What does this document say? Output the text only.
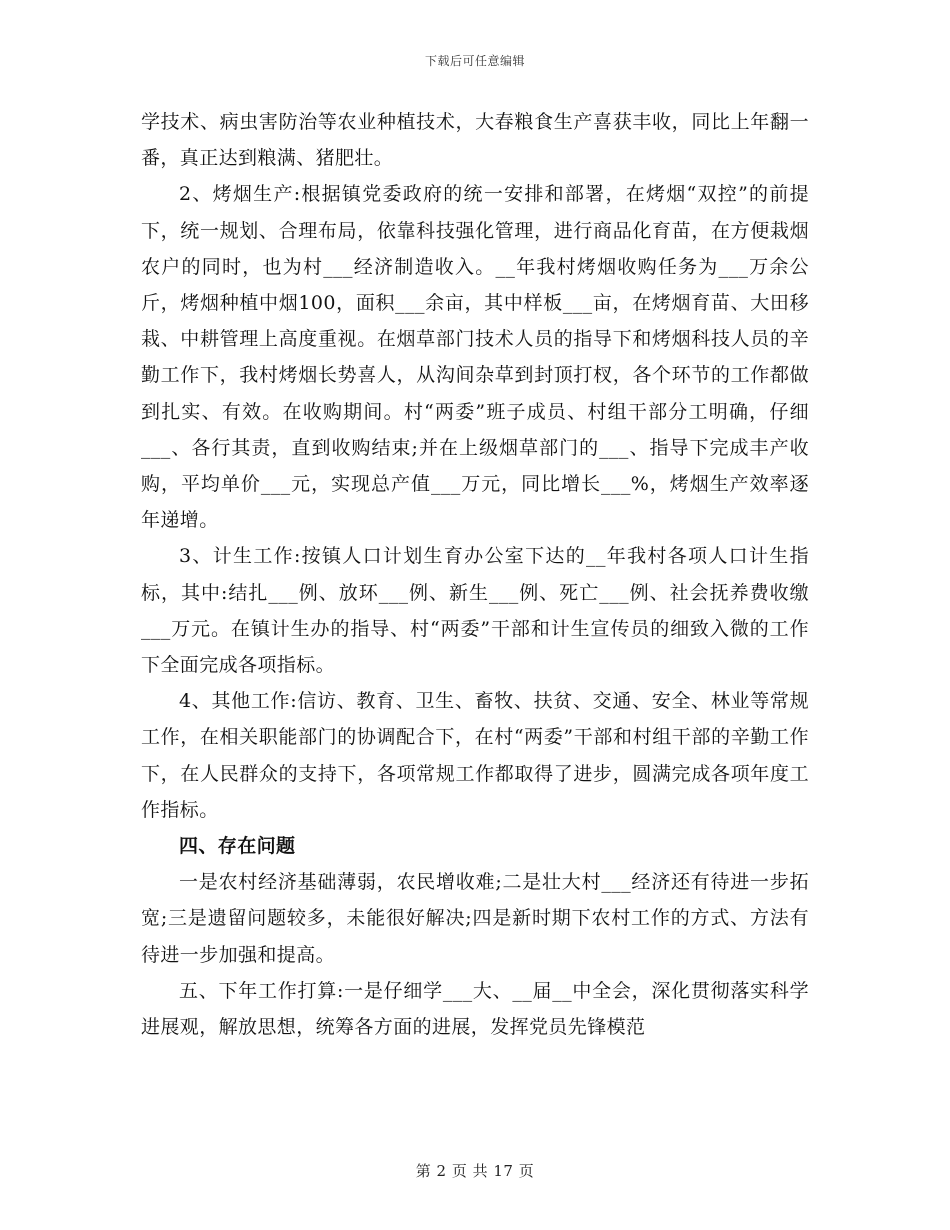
下载后可任意编辑

学技术、病虫害防治等农业种植技术，大春粮食生产喜获丰收，同比上年翻一番，真正达到粮满、猪肥壮。

2、烤烟生产:根据镇党委政府的统一安排和部署，在烤烟“双控”的前提下，统一规划、合理布局，依靠科技强化管理，进行商品化育苗，在方便栽烟农户的同时，也为村___经济制造收入。__年我村烤烟收购任务为___万余公斤，烤烟种植中烟100，面积___余亩，其中样板___亩，在烤烟育苗、大田移栽、中耕管理上高度重视。在烟草部门技术人员的指导下和烤烟科技人员的辛勤工作下，我村烤烟长势喜人，从沟间杂草到封顶打杈，各个环节的工作都做到扎实、有效。在收购期间。村“两委”班子成员、村组干部分工明确，仔细___、各行其责，直到收购结束;并在上级烟草部门的___、指导下完成丰产收购，平均单价___元，实现总产值___万元，同比增长___%，烤烟生产效率逐年递增。

3、计生工作:按镇人口计划生育办公室下达的__年我村各项人口计生指标，其中:结扎___例、放环___例、新生___例、死亡___例、社会抚养费收缴___万元。在镇计生办的指导、村“两委”干部和计生宣传员的细致入微的工作下全面完成各项指标。

4、其他工作:信访、教育、卫生、畜牧、扶贫、交通、安全、林业等常规工作，在相关职能部门的协调配合下，在村“两委”干部和村组干部的辛勤工作下，在人民群众的支持下，各项常规工作都取得了进步，圆满完成各项年度工作指标。

四、存在问题

一是农村经济基础薄弱，农民增收难;二是壮大村___经济还有待进一步拓宽;三是遗留问题较多，未能很好解决;四是新时期下农村工作的方式、方法有待进一步加强和提高。

五、下年工作打算:一是仔细学___大、__届__中全会，深化贯彻落实科学进展观，解放思想，统筹各方面的进展，发挥党员先锋模范

第 2 页 共 17 页
